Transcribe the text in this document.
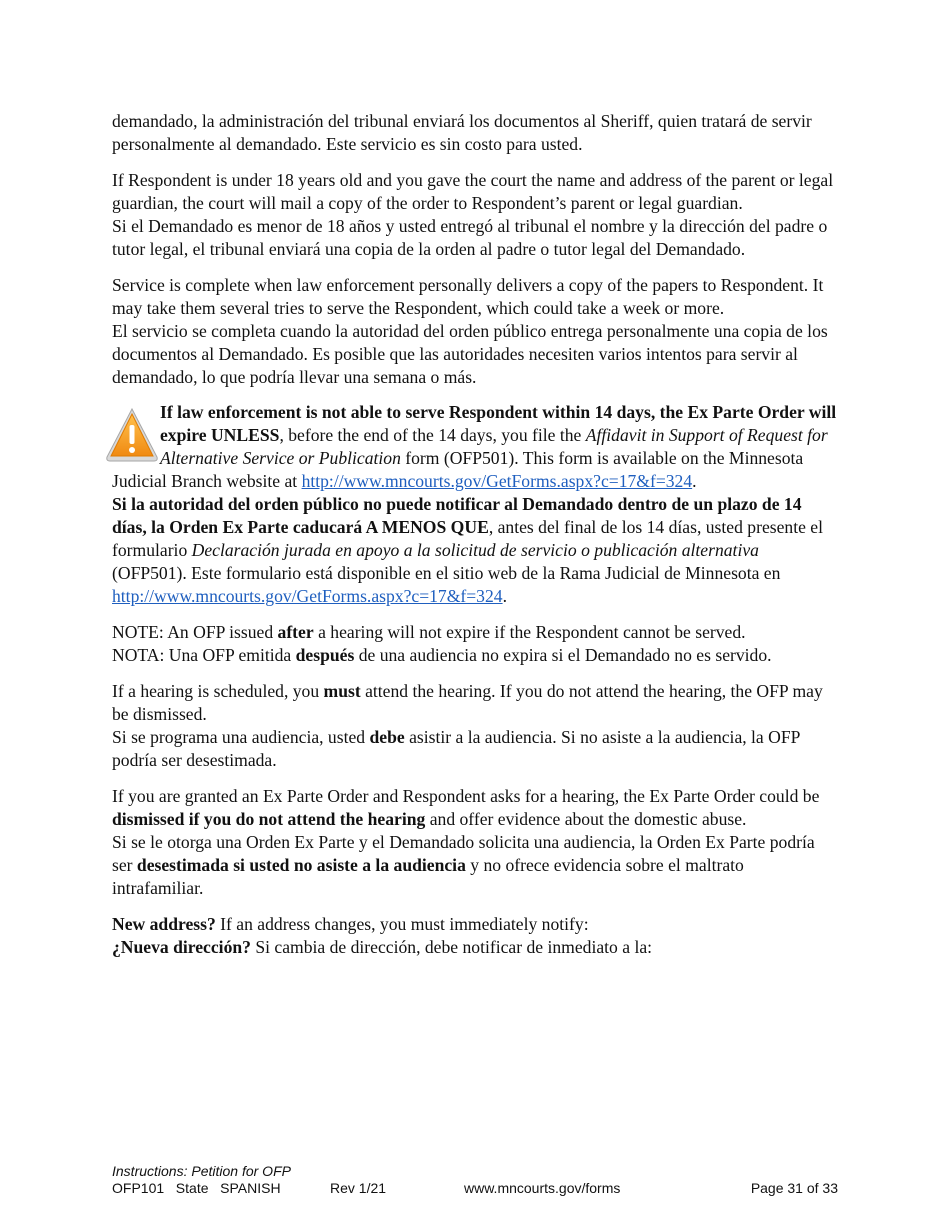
demandado, la administración del tribunal enviará los documentos al Sheriff, quien tratará de servir personalmente al demandado. Este servicio es sin costo para usted.

If Respondent is under 18 years old and you gave the court the name and address of the parent or legal guardian, the court will mail a copy of the order to Respondent’s parent or legal guardian.

Si el Demandado es menor de 18 años y usted entregó al tribunal el nombre y la dirección del padre o tutor legal, el tribunal enviará una copia de la orden al padre o tutor legal del Demandado.

Service is complete when law enforcement personally delivers a copy of the papers to Respondent. It may take them several tries to serve the Respondent, which could take a week or more.

El servicio se completa cuando la autoridad del orden público entrega personalmente una copia de los documentos al Demandado. Es posible que las autoridades necesiten varios intentos para servir al demandado, lo que podría llevar una semana o más.

If law enforcement is not able to serve Respondent within 14 days, the Ex Parte Order will expire UNLESS, before the end of the 14 days, you file the Affidavit in Support of Request for Alternative Service or Publication form (OFP501). This form is available on the Minnesota Judicial Branch website at http://www.mncourts.gov/GetForms.aspx?c=17&f=324.

Si la autoridad del orden público no puede notificar al Demandado dentro de un plazo de 14 días, la Orden Ex Parte caducará A MENOS QUE, antes del final de los 14 días, usted presente el formulario Declaración jurada en apoyo a la solicitud de servicio o publicación alternativa (OFP501). Este formulario está disponible en el sitio web de la Rama Judicial de Minnesota en http://www.mncourts.gov/GetForms.aspx?c=17&f=324.

NOTE: An OFP issued after a hearing will not expire if the Respondent cannot be served.

NOTA: Una OFP emitida después de una audiencia no expira si el Demandado no es servido.

If a hearing is scheduled, you must attend the hearing. If you do not attend the hearing, the OFP may be dismissed.

Si se programa una audiencia, usted debe asistir a la audiencia. Si no asiste a la audiencia, la OFP podría ser desestimada.

If you are granted an Ex Parte Order and Respondent asks for a hearing, the Ex Parte Order could be dismissed if you do not attend the hearing and offer evidence about the domestic abuse.

Si se le otorga una Orden Ex Parte y el Demandado solicita una audiencia, la Orden Ex Parte podría ser desestimada si usted no asiste a la audiencia y no ofrece evidencia sobre el maltrato intrafamiliar.

New address? If an address changes, you must immediately notify:

¿Nueva dirección? Si cambia de dirección, debe notificar de inmediato a la:

Instructions: Petition for OFP
OFP101   State   SPANISH	Rev 1/21	www.mncourts.gov/forms	Page 31 of 33
